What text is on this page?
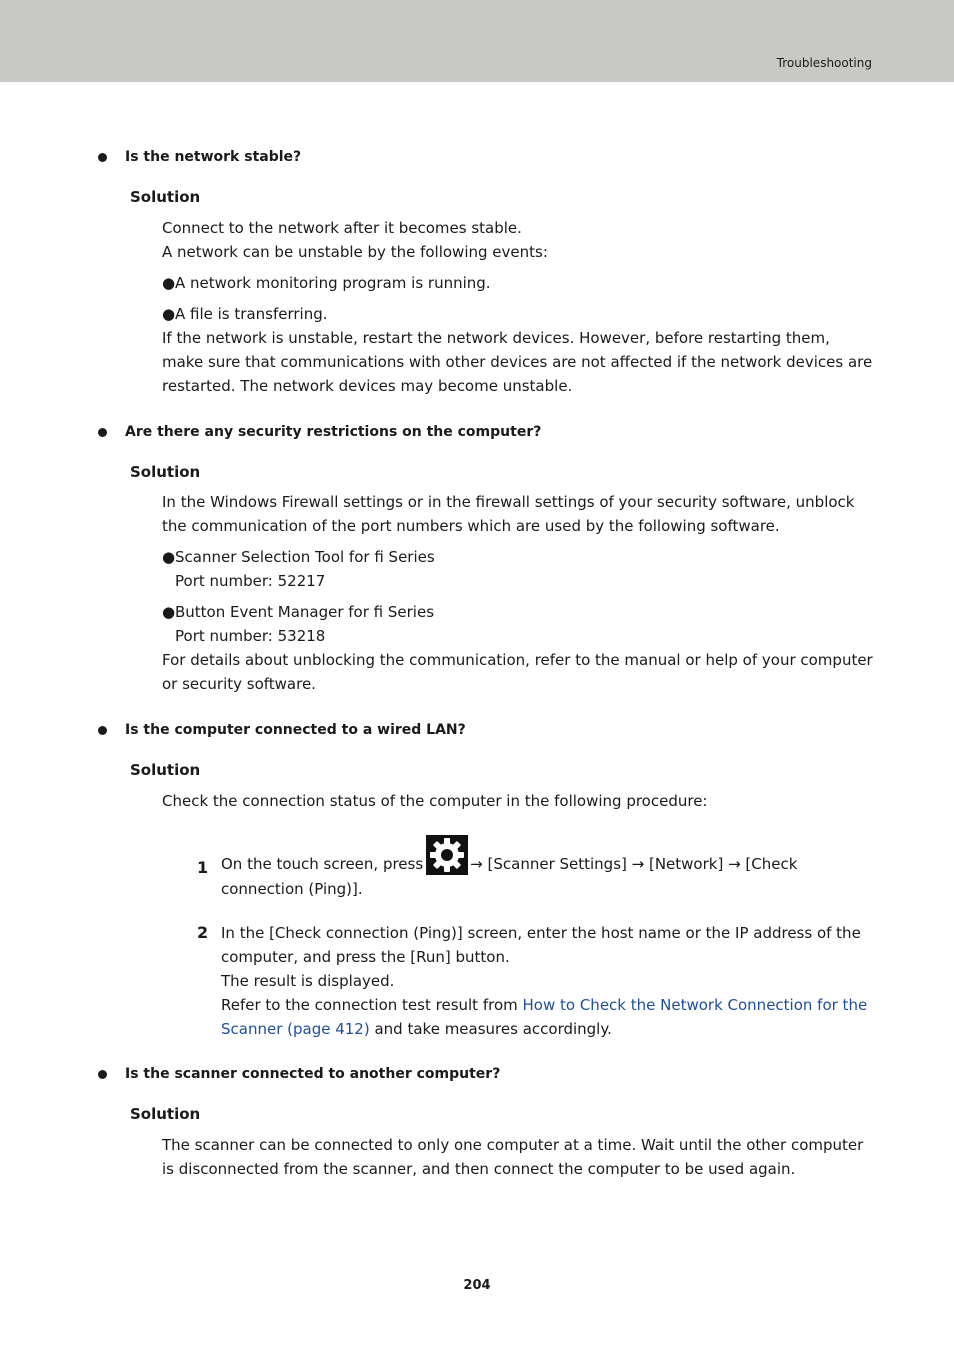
Troubleshooting
Is the network stable?
Solution

Connect to the network after it becomes stable.

A network can be unstable by the following events:

●A network monitoring program is running.

●A file is transferring.

If the network is unstable, restart the network devices. However, before restarting them, make sure that communications with other devices are not affected if the network devices are restarted. The network devices may become unstable.

Are there any security restrictions on the computer?
Solution

In the Windows Firewall settings or in the firewall settings of your security software, unblock the communication of the port numbers which are used by the following software.

●Scanner Selection Tool for fi Series
Port number: 52217

●Button Event Manager for fi Series
Port number: 53218

For details about unblocking the communication, refer to the manual or help of your computer or security software.

Is the computer connected to a wired LAN?
Solution

Check the connection status of the computer in the following procedure:

1 On the touch screen, press	→ [Scanner Settings] → [Network] → [Check

connection (Ping)].

2 In the [Check connection (Ping)] screen, enter the host name or the IP address of the computer, and press the [Run] button.

The result is displayed.

Refer to the connection test result from How to Check the Network Connection for the Scanner (page 412) and take measures accordingly.

Is the scanner connected to another computer?
Solution

The scanner can be connected to only one computer at a time. Wait until the other computer is disconnected from the scanner, and then connect the computer to be used again.

204
